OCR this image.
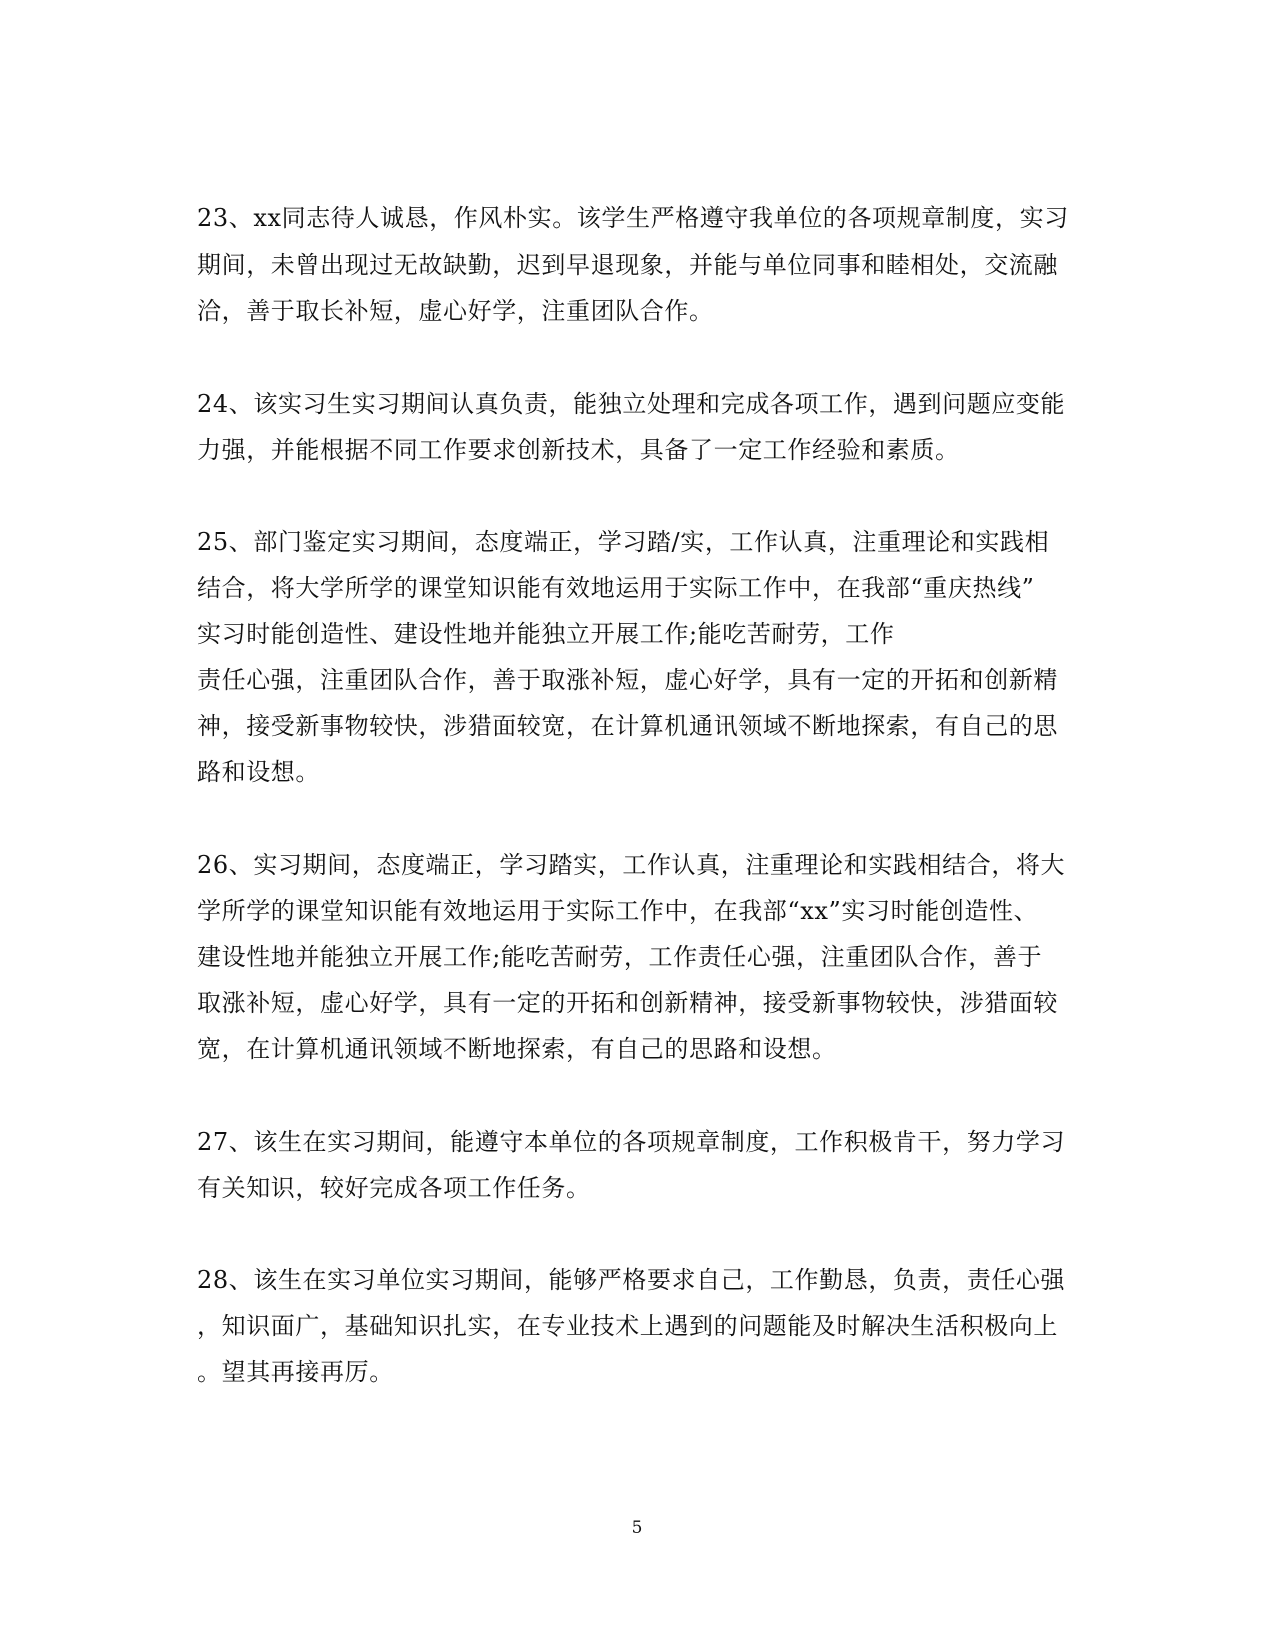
23、xx同志待人诚恳，作风朴实。该学生严格遵守我单位的各项规章制度，实习
期间，未曾出现过无故缺勤，迟到早退现象，并能与单位同事和睦相处，交流融
洽，善于取长补短，虚心好学，注重团队合作。
24、该实习生实习期间认真负责，能独立处理和完成各项工作，遇到问题应变能
力强，并能根据不同工作要求创新技术，具备了一定工作经验和素质。
25、部门鉴定实习期间，态度端正，学习踏/实，工作认真，注重理论和实践相
结合，将大学所学的课堂知识能有效地运用于实际工作中，在我部“重庆热线”
实习时能创造性、建设性地并能独立开展工作;能吃苦耐劳，工作
责任心强，注重团队合作，善于取涨补短，虚心好学，具有一定的开拓和创新精
神，接受新事物较快，涉猎面较宽，在计算机通讯领域不断地探索，有自己的思
路和设想。
26、实习期间，态度端正，学习踏实，工作认真，注重理论和实践相结合，将大
学所学的课堂知识能有效地运用于实际工作中，在我部“xx”实习时能创造性、
建设性地并能独立开展工作;能吃苦耐劳，工作责任心强，注重团队合作，善于
取涨补短，虚心好学，具有一定的开拓和创新精神，接受新事物较快，涉猎面较
宽，在计算机通讯领域不断地探索，有自己的思路和设想。
27、该生在实习期间，能遵守本单位的各项规章制度，工作积极肯干，努力学习
有关知识，较好完成各项工作任务。
28、该生在实习单位实习期间，能够严格要求自己，工作勤恳，负责，责任心强
，知识面广，基础知识扎实，在专业技术上遇到的问题能及时解决生活积极向上
。望其再接再厉。
5
